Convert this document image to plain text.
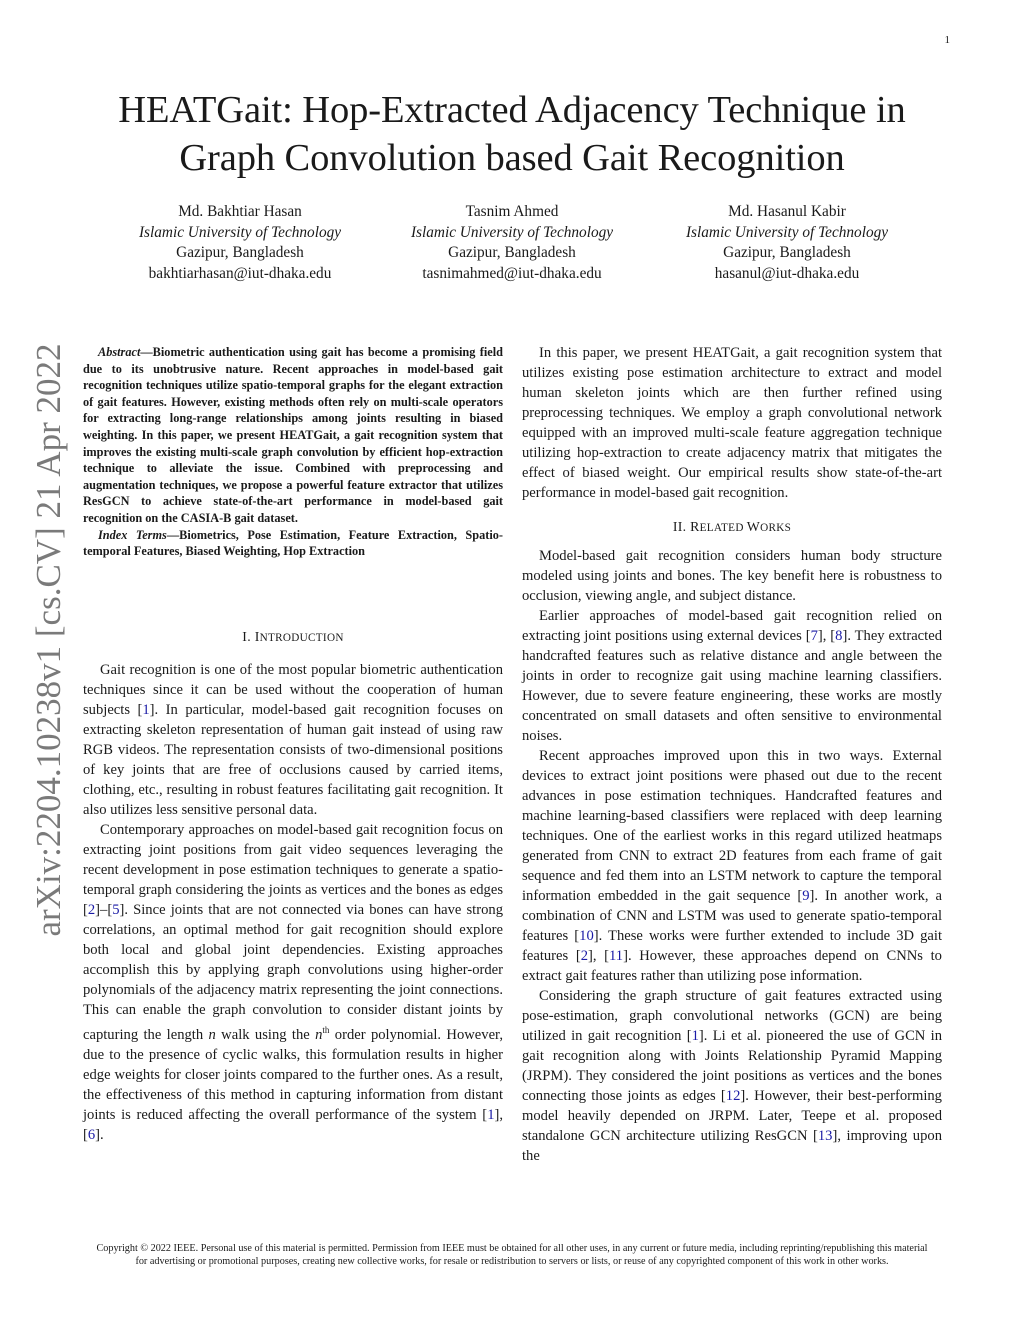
1
arXiv:2204.10238v1 [cs.CV] 21 Apr 2022
HEATGait: Hop-Extracted Adjacency Technique in
Graph Convolution based Gait Recognition
Md. Bakhtiar Hasan
Islamic University of Technology
Gazipur, Bangladesh
bakhtiarhasan@iut-dhaka.edu
Tasnim Ahmed
Islamic University of Technology
Gazipur, Bangladesh
tasnimahmed@iut-dhaka.edu
Md. Hasanul Kabir
Islamic University of Technology
Gazipur, Bangladesh
hasanul@iut-dhaka.edu

Abstract—Biometric authentication using gait has become a promising field due to its unobtrusive nature. Recent approaches in model-based gait recognition techniques utilize spatio-temporal graphs for the elegant extraction of gait features. However, existing methods often rely on multi-scale operators for extracting long-range relationships among joints resulting in biased weighting. In this paper, we present HEATGait, a gait recognition system that improves the existing multi-scale graph convolution by efficient hop-extraction technique to alleviate the issue. Combined with preprocessing and augmentation techniques, we propose a powerful feature extractor that utilizes ResGCN to achieve state-of-the-art performance in model-based gait recognition on the CASIA-B gait dataset.

Index Terms—Biometrics, Pose Estimation, Feature Extraction, Spatio-temporal Features, Biased Weighting, Hop Extraction

I. INTRODUCTION

Gait recognition is one of the most popular biometric authentication techniques since it can be used without the cooperation of human subjects [1]. In particular, model-based gait recognition focuses on extracting skeleton representation of human gait instead of using raw RGB videos. The representation consists of two-dimensional positions of key joints that are free of occlusions caused by carried items, clothing, etc., resulting in robust features facilitating gait recognition. It also utilizes less sensitive personal data.

Contemporary approaches on model-based gait recognition focus on extracting joint positions from gait video sequences leveraging the recent development in pose estimation techniques to generate a spatio-temporal graph considering the joints as vertices and the bones as edges [2]–[5]. Since joints that are not connected via bones can have strong correlations, an optimal method for gait recognition should explore both local and global joint dependencies. Existing approaches accomplish this by applying graph convolutions using higher-order polynomials of the adjacency matrix representing the joint connections. This can enable the graph convolution to consider distant joints by capturing the length n walk using the $n^{th}$ order polynomial. However, due to the presence of cyclic walks, this formulation results in higher edge weights for closer joints compared to the further ones. As a result, the effectiveness of this method in capturing information from distant joints is reduced affecting the overall performance of the system [1], [6].

In this paper, we present HEATGait, a gait recognition system that utilizes existing pose estimation architecture to extract and model human skeleton joints which are then further refined using preprocessing techniques. We employ a graph convolutional network equipped with an improved multi-scale feature aggregation technique utilizing hop-extraction to create adjacency matrix that mitigates the effect of biased weight. Our empirical results show state-of-the-art performance in model-based gait recognition.

II. RELATED WORKS

Model-based gait recognition considers human body structure modeled using joints and bones. The key benefit here is robustness to occlusion, viewing angle, and subject distance.

Earlier approaches of model-based gait recognition relied on extracting joint positions using external devices [7], [8]. They extracted handcrafted features such as relative distance and angle between the joints in order to recognize gait using machine learning classifiers. However, due to severe feature engineering, these works are mostly concentrated on small datasets and often sensitive to environmental noises.

Recent approaches improved upon this in two ways. External devices to extract joint positions were phased out due to the recent advances in pose estimation techniques. Handcrafted features and machine learning-based classifiers were replaced with deep learning techniques. One of the earliest works in this regard utilized heatmaps generated from CNN to extract 2D features from each frame of gait sequence and fed them into an LSTM network to capture the temporal information embedded in the gait sequence [9]. In another work, a combination of CNN and LSTM was used to generate spatio-temporal features [10]. These works were further extended to include 3D gait features [2], [11]. However, these approaches depend on CNNs to extract gait features rather than utilizing pose information.

Considering the graph structure of gait features extracted using pose-estimation, graph convolutional networks (GCN) are being utilized in gait recognition [1]. Li et al. pioneered the use of GCN in gait recognition along with Joints Relationship Pyramid Mapping (JRPM). They considered the joint positions as vertices and the bones connecting those joints as edges [12]. However, their best-performing model heavily depended on JRPM. Later, Teepe et al. proposed standalone GCN architecture utilizing ResGCN [13], improving upon the

Copyright © 2022 IEEE. Personal use of this material is permitted. Permission from IEEE must be obtained for all other uses, in any current or future media, including reprinting/republishing this material for advertising or promotional purposes, creating new collective works, for resale or redistribution to servers or lists, or reuse of any copyrighted component of this work in other works.
